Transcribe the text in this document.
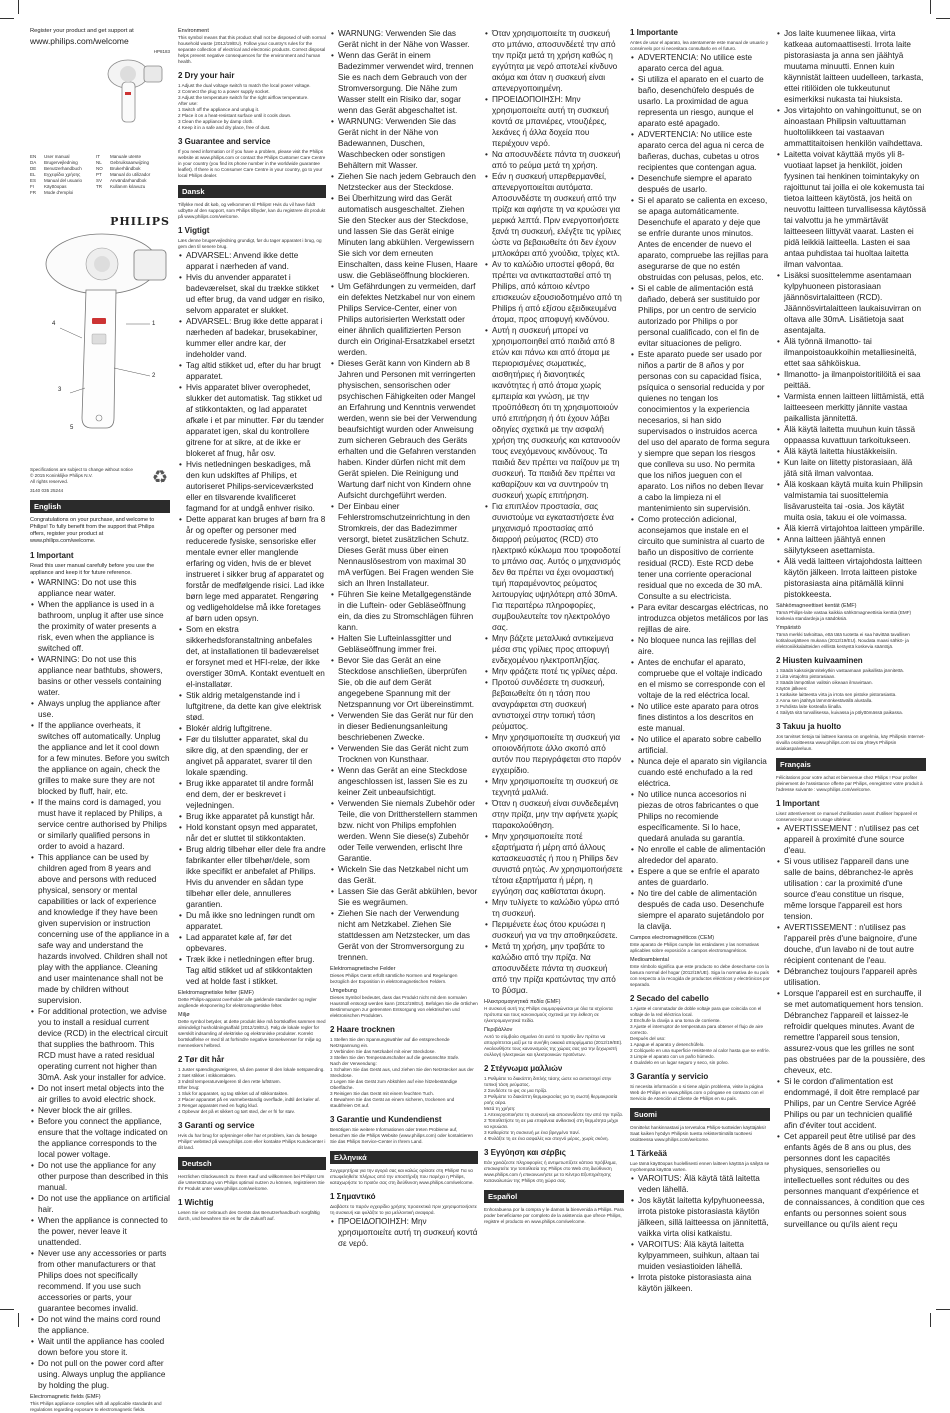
Register your product and get support at
www.philips.com/welcome
HP8183
EN	User manual	IT	Manuale utente
DA	Brugervejledning	NL	Gebruiksaanwijzing
DE	Benutzerhandbuch	NO	Brukerhåndbok
EL	Εγχειρίδιο χρήσης	PT	Manual do utilizador
ES	Manual del usuario	SV	Användarhandbok
FI	Käyttöopas	TR	Kullanım kılavuzu
FR	Mode d'emploi
PHILIPS
1
2
3
4
5
Specifications are subject to change without notice
© 2015 Koninklijke Philips N.V.
All rights reserved.
3140 035 25244
♻
English
Congratulations on your purchase, and welcome to Philips! To fully benefit from the support that Philips offers, register your product at www.philips.com/welcome.
1 Important
Read this user manual carefully before you use the appliance and keep it for future reference.
• WARNING: Do not use this appliance near water.
• When the appliance is used in a bathroom, unplug it after use since the proximity of water presents a risk, even when the appliance is switched off.
• WARNING: Do not use this appliance near bathtubs, showers, basins or other vessels containing water.
• Always unplug the appliance after use.
• If the appliance overheats, it switches off automatically. Unplug the appliance and let it cool down for a few minutes. Before you switch the appliance on again, check the grilles to make sure they are not blocked by fluff, hair, etc.
• If the mains cord is damaged, you must have it replaced by Philips, a service centre authorised by Philips or similarly qualified persons in order to avoid a hazard.
• This appliance can be used by children aged from 8 years and above and persons with reduced physical, sensory or mental capabilities or lack of experience and knowledge if they have been given supervision or instruction concerning use of the appliance in a safe way and understand the hazards involved. Children shall not play with the appliance. Cleaning and user maintenance shall not be made by children without supervision.
• For additional protection, we advise you to install a residual current device (RCD) in the electrical circuit that supplies the bathroom. This RCD must have a rated residual operating current not higher than 30mA. Ask your installer for advice.
• Do not insert metal objects into the air grilles to avoid electric shock.
• Never block the air grilles.
• Before you connect the appliance, ensure that the voltage indicated on the appliance corresponds to the local power voltage.
• Do not use the appliance for any other purpose than described in this manual.
• Do not use the appliance on artificial hair.
• When the appliance is connected to the power, never leave it unattended.
• Never use any accessories or parts from other manufacturers or that Philips does not specifically recommend. If you use such accessories or parts, your guarantee becomes invalid.
• Do not wind the mains cord round the appliance.
• Wait until the appliance has cooled down before you store it.
• Do not pull on the power cord after using. Always unplug the appliance by holding the plug.
Electromagnetic fields (EMF)
This Philips appliance complies with all applicable standards and regulations regarding exposure to electromagnetic fields.
Environment
This symbol means that this product shall not be disposed of with normal household waste (2012/19/EU). Follow your country's rules for the separate collection of electrical and electronic products. Correct disposal helps prevent negative consequences for the environment and human health.
2 Dry your hair
1 Adjust the dual voltage switch to match the local power voltage.
2 Connect the plug to a power supply socket.
3 Adjust the temperature switch for the right airflow temperature.
After use:
1 Switch off the appliance and unplug it.
2 Place it on a heat-resistant surface until it cools down.
3 Clean the appliance by damp cloth.
4 Keep it in a safe and dry place, free of dust.
3 Guarantee and service
If you need information or if you have a problem, please visit the Philips website at www.philips.com or contact the Philips Customer Care Centre in your country (you find its phone number in the worldwide guarantee leaflet). If there is no Consumer Care Centre in your country, go to your local Philips dealer.
Dansk
Tillykke med dit køb, og velkommen til Philips! Hvis du vil have fuldt udbytte af den support, som Philips tilbyder, kan du registrere dit produkt på www.philips.com/welcome.
1 Vigtigt
Læs denne brugervejledning grundigt, før du tager apparatet i brug, og gem den til senere brug.
• ADVARSEL: Anvend ikke dette apparat i nærheden af vand.
• Hvis du anvender apparatet i badeværelset, skal du trække stikket ud efter brug, da vand udgør en risiko, selvom apparatet er slukket.
• ADVARSEL: Brug ikke dette apparat i nærheden af badekar, brusekabiner, kummer eller andre kar, der indeholder vand.
• Tag altid stikket ud, efter du har brugt apparatet.
• Hvis apparatet bliver overophedet, slukker det automatisk. Tag stikket ud af stikkontakten, og lad apparatet afkøle i et par minutter. Før du tænder apparatet igen, skal du kontrollere gitrene for at sikre, at de ikke er blokeret af fnug, hår osv.
• Hvis netledningen beskadiges, må den kun udskiftes af Philips, et autoriseret Philips-serviceværksted eller en tilsvarende kvalificeret fagmand for at undgå enhver risiko.
• Dette apparat kan bruges af børn fra 8 år og opefter og personer med reducerede fysiske, sensoriske eller mentale evner eller manglende erfaring og viden, hvis de er blevet instrueret i sikker brug af apparatet og forstår de medfølgende risici. Lad ikke børn lege med apparatet. Rengøring og vedligeholdelse må ikke foretages af børn uden opsyn.
• Som en ekstra sikkerhedsforanstaltning anbefales det, at installationen til badeværelset er forsynet med et HFI-relæ, der ikke overstiger 30mA. Kontakt eventuelt en el-installatør.
• Stik aldrig metalgenstande ind i luftgitrene, da dette kan give elektrisk stød.
• Blokér aldrig luftgitrene.
• Før du tilslutter apparatet, skal du sikre dig, at den spænding, der er angivet på apparatet, svarer til den lokale spænding.
• Brug ikke apparatet til andre formål end dem, der er beskrevet i vejledningen.
• Brug ikke apparatet på kunstigt hår.
• Hold konstant opsyn med apparatet, når det er sluttet til stikkontakten.
• Brug aldrig tilbehør eller dele fra andre fabrikanter eller tilbehør/dele, som ikke specifikt er anbefalet af Philips. Hvis du anvender en sådan type tilbehør eller dele, annulleres garantien.
• Du må ikke sno ledningen rundt om apparatet.
• Lad apparatet køle af, før det opbevares.
• Træk ikke i netledningen efter brug. Tag altid stikket ud af stikkontakten ved at holde fast i stikket.
Elektromagnetiske felter (EMF)
Dette Philips-apparat overholder alle gældende standarder og regler angående eksponering for elektromagnetiske felter.
Miljø
Dette symbol betyder, at dette produkt ikke må bortskaffes sammen med almindeligt husholdningsaffald (2012/19/EU). Følg de lokale regler for særskilt indsamling af elektriske og elektroniske produkter. Korrekt bortskaffelse er med til at forhindre negative konsekvenser for miljø og menneskers helbred.
2 Tør dit hår
1 Juster spændingsvælgeren, så den passer til den lokale netspænding.
2 Sæt stikket i stikkontakten.
3 Indstil temperaturvælgeren til den rette luftstrøm.
Efter brug:
1 Sluk for apparatet, og tag stikket ud af stikkontakten.
2 Placer apparatet på en varmebestandig overflade, indtil det køler af.
3 Rengør apparatet med en fugtig klud.
4 Opbevar det på et sikkert og tørt sted, der er fri for støv.
3 Garanti og service
Hvis du har brug for oplysninger eller har et problem, kan du besøge Philips' websted på www.philips.com eller kontakte Philips Kundecenter i dit land.
Deutsch
Herzlichen Glückwunsch zu Ihrem Kauf und willkommen bei Philips! Um die Unterstützung von Philips optimal nutzen zu können, registrieren Sie Ihr Produkt unter www.philips.com/welcome.
1 Wichtig
Lesen Sie vor Gebrauch des Geräts das Benutzerhandbuch sorgfältig durch, und bewahren Sie es für die Zukunft auf.
• WARNUNG: Verwenden Sie das Gerät nicht in der Nähe von Wasser.
• Wenn das Gerät in einem Badezimmer verwendet wird, trennen Sie es nach dem Gebrauch von der Stromversorgung. Die Nähe zum Wasser stellt ein Risiko dar, sogar wenn das Gerät abgeschaltet ist.
• WARNUNG: Verwenden Sie das Gerät nicht in der Nähe von Badewannen, Duschen, Waschbecken oder sonstigen Behältern mit Wasser.
• Ziehen Sie nach jedem Gebrauch den Netzstecker aus der Steckdose.
• Bei Überhitzung wird das Gerät automatisch ausgeschaltet. Ziehen Sie den Stecker aus der Steckdose, und lassen Sie das Gerät einige Minuten lang abkühlen. Vergewissern Sie sich vor dem erneuten Einschalten, dass keine Flusen, Haare usw. die Gebläseöffnung blockieren.
• Um Gefährdungen zu vermeiden, darf ein defektes Netzkabel nur von einem Philips Service-Center, einer von Philips autorisierten Werkstatt oder einer ähnlich qualifizierten Person durch ein Original-Ersatzkabel ersetzt werden.
• Dieses Gerät kann von Kindern ab 8 Jahren und Personen mit verringerten physischen, sensorischen oder psychischen Fähigkeiten oder Mangel an Erfahrung und Kenntnis verwendet werden, wenn sie bei der Verwendung beaufsichtigt wurden oder Anweisung zum sicheren Gebrauch des Geräts erhalten und die Gefahren verstanden haben. Kinder dürfen nicht mit dem Gerät spielen. Die Reinigung und Wartung darf nicht von Kindern ohne Aufsicht durchgeführt werden.
• Der Einbau einer Fehlerstromschutzeinrichtung in den Stromkreis, der das Badezimmer versorgt, bietet zusätzlichen Schutz. Dieses Gerät muss über einen Nennauslösestrom von maximal 30 mA verfügen. Bei Fragen wenden Sie sich an Ihren Installateur.
• Führen Sie keine Metallgegenstände in die Luftein- oder Gebläseöffnung ein, da dies zu Stromschlägen führen kann.
• Halten Sie Lufteinlassgitter und Gebläseöffnung immer frei.
• Bevor Sie das Gerät an eine Steckdose anschließen, überprüfen Sie, ob die auf dem Gerät angegebene Spannung mit der Netzspannung vor Ort übereinstimmt.
• Verwenden Sie das Gerät nur für den in dieser Bedienungsanleitung beschriebenen Zwecke.
• Verwenden Sie das Gerät nicht zum Trocknen von Kunsthaar.
• Wenn das Gerät an eine Steckdose angeschlossen ist, lassen Sie es zu keiner Zeit unbeaufsichtigt.
• Verwenden Sie niemals Zubehör oder Teile, die von Drittherstellern stammen bzw. nicht von Philips empfohlen werden. Wenn Sie diese(s) Zubehör oder Teile verwenden, erlischt Ihre Garantie.
• Wickeln Sie das Netzkabel nicht um das Gerät.
• Lassen Sie das Gerät abkühlen, bevor Sie es wegräumen.
• Ziehen Sie nach der Verwendung nicht am Netzkabel. Ziehen Sie stattdessen am Netzstecker, um das Gerät von der Stromversorgung zu trennen.
Elektromagnetische Felder
Dieses Philips Gerät erfüllt sämtliche Normen und Regelungen bezüglich der Exposition in elektromagnetischen Feldern.
Umgebung
Dieses Symbol bedeutet, dass das Produkt nicht mit dem normalen Hausmüll entsorgt werden kann (2012/19/EU). Befolgen Sie die örtlichen Bestimmungen zur getrennten Entsorgung von elektrischen und elektronischen Produkten.
2 Haare trocknen
1 Stellen Sie den Spannungswähler auf die entsprechende Netzspannung ein.
2 Verbinden Sie das Netzkabel mit einer Steckdose.
3 Stellen Sie den Temperaturschalter auf die gewünschte Stufe.
Nach der Verwendung:
1 Schalten Sie das Gerät aus, und ziehen Sie den Netzstecker aus der Steckdose.
2 Legen Sie das Gerät zum Abkühlen auf eine hitzebeständige Oberfläche.
3 Reinigen Sie das Gerät mit einem feuchten Tuch.
4 Bewahren Sie das Gerät an einem sicheren, trockenen und staubfreien Ort auf.
3 Garantie und Kundendienst
Benötigen Sie weitere Informationen oder treten Probleme auf, besuchen Sie die Philips Website (www.philips.com) oder kontaktieren Sie das Philips Service-Center in Ihrem Land.
Ελληνικά
Συγχαρητήρια για την αγορά σας και καλώς ορίσατε στη Philips! Για να επωφεληθείτε πλήρως από την υποστήριξη που παρέχει η Philips, καταχωρήστε το προϊόν σας στη διεύθυνση www.philips.com/welcome.
1 Σημαντικό
Διαβάστε το παρόν εγχειρίδιο χρήσης προσεκτικά πριν χρησιμοποιήσετε τη συσκευή και φυλάξτε το για μελλοντική αναφορά.
• ΠΡΟΕΙΔΟΠΟΙΗΣΗ: Μην χρησιμοποιείτε αυτή τη συσκευή κοντά σε νερό.
• Όταν χρησιμοποιείτε τη συσκευή στο μπάνιο, αποσυνδέετέ την από την πρίζα μετά τη χρήση καθώς η εγγύτητα με νερό αποτελεί κίνδυνο ακόμα και όταν η συσκευή είναι απενεργοποιημένη.
• ΠΡΟΕΙΔΟΠΟΙΗΣΗ: Μην χρησιμοποιείτε αυτή τη συσκευή κοντά σε μπανιέρες, ντουζιέρες, λεκάνες ή άλλα δοχεία που περιέχουν νερό.
• Να αποσυνδέετε πάντα τη συσκευή από το ρεύμα μετά τη χρήση.
• Εάν η συσκευή υπερθερμανθεί, απενεργοποιείται αυτόματα. Αποσυνδέστε τη συσκευή από την πρίζα και αφήστε τη να κρυώσει για μερικά λεπτά. Πριν ενεργοποιήσετε ξανά τη συσκευή, ελέγξτε τις γρίλιες ώστε να βεβαιωθείτε ότι δεν έχουν μπλοκάρει από χνούδια, τρίχες κτλ.
• Αν το καλώδιο υποστεί φθορά, θα πρέπει να αντικατασταθεί από τη Philips, από κάποιο κέντρο επισκευών εξουσιοδοτημένο από τη Philips ή από εξίσου εξειδικευμένα άτομα, προς αποφυγή κινδύνου.
• Αυτή η συσκευή μπορεί να χρησιμοποιηθεί από παιδιά από 8 ετών και πάνω και από άτομα με περιορισμένες σωματικές, αισθητήριες ή διανοητικές ικανότητες ή από άτομα χωρίς εμπειρία και γνώση, με την προϋπόθεση ότι τη χρησιμοποιούν υπό επιτήρηση ή ότι έχουν λάβει οδηγίες σχετικά με την ασφαλή χρήση της συσκευής και κατανοούν τους ενεχόμενους κινδύνους. Τα παιδιά δεν πρέπει να παίζουν με τη συσκευή. Τα παιδιά δεν πρέπει να καθαρίζουν και να συντηρούν τη συσκευή χωρίς επιτήρηση.
• Για επιπλέον προστασία, σας συνιστούμε να εγκαταστήσετε ένα μηχανισμό προστασίας από διαρροή ρεύματος (RCD) στο ηλεκτρικό κύκλωμα που τροφοδοτεί το μπάνιο σας. Αυτός ο μηχανισμός δεν θα πρέπει να έχει ονομαστική τιμή παραμένοντος ρεύματος λειτουργίας υψηλότερη από 30mA. Για περαιτέρω πληροφορίες, συμβουλευτείτε τον ηλεκτρολόγο σας.
• Μην βάζετε μεταλλικά αντικείμενα μέσα στις γρίλιες προς αποφυγή ενδεχομένου ηλεκτροπληξίας.
• Μην φράζετε ποτέ τις γρίλιες αέρα.
• Προτού συνδέσετε τη συσκευή, βεβαιωθείτε ότι η τάση που αναγράφεται στη συσκευή αντιστοιχεί στην τοπική τάση ρεύματος.
• Μην χρησιμοποιείτε τη συσκευή για οποιονδήποτε άλλο σκοπό από αυτόν που περιγράφεται στο παρόν εγχειρίδιο.
• Μην χρησιμοποιείτε τη συσκευή σε τεχνητά μαλλιά.
• Όταν η συσκευή είναι συνδεδεμένη στην πρίζα, μην την αφήνετε χωρίς παρακολούθηση.
• Μην χρησιμοποιείτε ποτέ εξαρτήματα ή μέρη από άλλους κατασκευαστές ή που η Philips δεν συνιστά ρητώς. Αν χρησιμοποιήσετε τέτοια εξαρτήματα ή μέρη, η εγγύηση σας καθίσταται άκυρη.
• Μην τυλίγετε το καλώδιο γύρω από τη συσκευή.
• Περιμένετε έως ότου κρυώσει η συσκευή για να την αποθηκεύσετε.
• Μετά τη χρήση, μην τραβάτε το καλώδιο από την πρίζα. Να αποσυνδέετε πάντα τη συσκευή από την πρίζα κρατώντας την από το βύσμα.
Ηλεκτρομαγνητικά πεδία (EMF)
Η συσκευή αυτή της Philips συμμορφώνεται με όλα τα ισχύοντα πρότυπα και τους κανονισμούς σχετικά με την έκθεση σε ηλεκτρομαγνητικά πεδία.
Περιβάλλον
Αυτό το σύμβολο σημαίνει ότι αυτό το προϊόν δεν πρέπει να απορρίπτεται μαζί με τα συνήθη οικιακά απορρίμματα (2012/19/ΕΕ). Ακολουθήστε τους κανονισμούς της χώρας σας για την ξεχωριστή συλλογή ηλεκτρικών και ηλεκτρονικών προϊόντων.
2 Στέγνωμα μαλλιών
1 Ρυθμίστε το διακόπτη διπλής τάσης ώστε να αντιστοιχεί στην τοπική τάση ρεύματος.
2 Συνδέστε το φις σε μια πρίζα.
3 Ρυθμίστε το διακόπτη θερμοκρασίας για τη σωστή θερμοκρασία ροής αέρα.
Μετά τη χρήση:
1 Απενεργοποιήστε τη συσκευή και αποσυνδέστε την από την πρίζα.
2 Τοποθετήστε τη σε μια επιφάνεια ανθεκτική στη θερμότητα μέχρι να κρυώσει.
3 Καθαρίστε τη συσκευή με ένα βρεγμένο πανί.
4 Φυλάξτε τη σε ένα ασφαλές και στεγνό μέρος, χωρίς σκόνη.
3 Εγγύηση και σέρβις
Εάν χρειάζεστε πληροφορίες ή αντιμετωπίζετε κάποιο πρόβλημα, επισκεφτείτε την τοποθεσία της Philips στο Web στη διεύθυνση www.philips.com ή επικοινωνήστε με το Κέντρο Εξυπηρέτησης Καταναλωτών της Philips στη χώρα σας.
Español
Enhorabuena por la compra y le damos la bienvenida a Philips. Para poder beneficiarse por completo de la asistencia que ofrece Philips, registre el producto en www.philips.com/welcome.
1 Importante
Antes de usar el aparato, lea atentamente este manual de usuario y consérvelo por si necesitara consultarlo en el futuro.
• ADVERTENCIA: No utilice este aparato cerca del agua.
• Si utiliza el aparato en el cuarto de baño, desenchúfelo después de usarlo. La proximidad de agua representa un riesgo, aunque el aparato esté apagado.
• ADVERTENCIA: No utilice este aparato cerca del agua ni cerca de bañeras, duchas, cubetas u otros recipientes que contengan agua.
• Desenchufe siempre el aparato después de usarlo.
• Si el aparato se calienta en exceso, se apaga automáticamente. Desenchufe el aparato y deje que se enfríe durante unos minutos. Antes de encender de nuevo el aparato, compruebe las rejillas para asegurarse de que no estén obstruidas con pelusas, pelos, etc.
• Si el cable de alimentación está dañado, deberá ser sustituido por Philips, por un centro de servicio autorizado por Philips o por personal cualificado, con el fin de evitar situaciones de peligro.
• Este aparato puede ser usado por niños a partir de 8 años y por personas con su capacidad física, psíquica o sensorial reducida y por quienes no tengan los conocimientos y la experiencia necesarios, si han sido supervisados o instruidos acerca del uso del aparato de forma segura y siempre que sepan los riesgos que conlleva su uso. No permita que los niños jueguen con el aparato. Los niños no deben llevar a cabo la limpieza ni el mantenimiento sin supervisión.
• Como protección adicional, aconsejamos que instale en el circuito que suministra al cuarto de baño un dispositivo de corriente residual (RCD). Este RCD debe tener una corriente operacional residual que no exceda de 30 mA. Consulte a su electricista.
• Para evitar descargas eléctricas, no introduzca objetos metálicos por las rejillas de aire.
• No bloquee nunca las rejillas del aire.
• Antes de enchufar el aparato, compruebe que el voltaje indicado en el mismo se corresponde con el voltaje de la red eléctrica local.
• No utilice este aparato para otros fines distintos a los descritos en este manual.
• No utilice el aparato sobre cabello artificial.
• Nunca deje el aparato sin vigilancia cuando esté enchufado a la red eléctrica.
• No utilice nunca accesorios ni piezas de otros fabricantes o que Philips no recomiende específicamente. Si lo hace, quedará anulada su garantía.
• No enrolle el cable de alimentación alrededor del aparato.
• Espere a que se enfríe el aparato antes de guardarlo.
• No tire del cable de alimentación después de cada uso. Desenchufe siempre el aparato sujetándolo por la clavija.
Campos electromagnéticos (CEM)
Este aparato de Philips cumple los estándares y las normativas aplicables sobre exposición a campos electromagnéticos.
Medioambiental
Este símbolo significa que este producto no debe desecharse con la basura normal del hogar (2012/19/UE). Siga la normativa de su país con respecto a la recogida de productos eléctricos y electrónicos por separado.
2 Secado del cabello
1 Ajuste el conmutador de doble voltaje para que coincida con el voltaje de la red eléctrica local.
2 Enchufe la clavija a una toma de corriente.
3 Ajuste el interruptor de temperatura para obtener el flujo de aire correcto.
Después del uso:
1 Apague el aparato y desenchúfelo.
2 Colóquelo en una superficie resistente al calor hasta que se enfríe.
3 Limpie el aparato con un paño húmedo.
4 Guárdelo en un lugar seguro y seco, sin polvo.
3 Garantía y servicio
Si necesita información o si tiene algún problema, visite la página Web de Philips en www.philips.com o póngase en contacto con el Servicio de Atención al Cliente de Philips en su país.
Suomi
Onnittelut hankinnastasi ja tervetuloa Philips-tuotteiden käyttäjäksi! Saat kaiken hyödyn Philipsin tuesta rekisteröimällä tuotteesi osoitteessa www.philips.com/welcome.
1 Tärkeää
Lue tämä käyttöopas huolellisesti ennen laitteen käyttöä ja säilytä se myöhempää käyttöä varten.
• VAROITUS: Älä käytä tätä laitetta veden lähellä.
• Jos käytät laitetta kylpyhuoneessa, irrota pistoke pistorasiasta käytön jälkeen, sillä laitteessa on jännitettä, vaikka virta olisi katkaistu.
• VAROITUS: Älä käytä laitetta kylpyammeen, suihkun, altaan tai muiden vesiastioiden lähellä.
• Irrota pistoke pistorasiasta aina käytön jälkeen.
• Jos laite kuumenee liikaa, virta katkeaa automaattisesti. Irrota laite pistorasiasta ja anna sen jäähtyä muutama minuutti. Ennen kuin käynnistät laitteen uudelleen, tarkasta, ettei ritilöiden ole tukkeutunut esimerkiksi nukasta tai hiuksista.
• Jos virtajohto on vahingoittunut, se on ainoastaan Philipsin valtuuttaman huoltoliikkeen tai vastaavan ammattitaitoisen henkilön vaihdettava.
• Laitetta voivat käyttää myös yli 8-vuotiaat lapset ja henkilöt, joiden fyysinen tai henkinen toimintakyky on rajoittunut tai joilla ei ole kokemusta tai tietoa laitteen käytöstä, jos heitä on neuvottu laitteen turvallisessa käytössä tai valvottu ja he ymmärtävät laitteeseen liittyvät vaarat. Lasten ei pidä leikkiä laitteella. Lasten ei saa antaa puhdistaa tai huoltaa laitetta ilman valvontaa.
• Lisäksi suosittelemme asentamaan kylpyhuoneen pistorasiaan jäännösvirtalaitteen (RCD). Jäännösvirtalaitteen laukaisuvirran on oltava alle 30mA. Lisätietoja saat asentajalta.
• Älä työnnä ilmanotto- tai ilmanpoistoaukkoihin metalliesineitä, ettet saa sähköiskua.
• Ilmanotto- ja ilmanpoistoritilöitä ei saa peittää.
• Varmista ennen laitteen liittämistä, että laitteeseen merkitty jännite vastaa paikallista jännitettä.
• Älä käytä laitetta muuhun kuin tässä oppaassa kuvattuun tarkoitukseen.
• Älä käytä laitetta hiustäkkeisiin.
• Kun laite on liitetty pistorasiaan, älä jätä sitä ilman valvontaa.
• Älä koskaan käytä muita kuin Philipsin valmistamia tai suosittelemia lisävarusteita tai -osia. Jos käytät muita osia, takuu ei ole voimassa.
• Älä kierrä virtajohtoa laitteen ympärille.
• Anna laitteen jäähtyä ennen säilytykseen asettamista.
• Älä vedä laitteen virtajohdosta laitteen käytön jälkeen. Irrota laitteen pistoke pistorasiasta aina pitämällä kiinni pistokkeesta.
Sähkömagneettiset kentät (EMF)
Tämä Philips-laite vastaa kaikkia sähkömagneettisia kenttiä (EMF) koskevia standardeja ja säädöksiä.
Ympäristö
Tämä merkki tarkoittaa, että tätä tuotetta ei saa hävittää tavallisen kotitalousjätteen mukana (2012/19/EU). Noudata maasi sähkö- ja elektroniikkalaitteiden erillistä keräystä koskevia sääntöjä.
2 Hiusten kuivaaminen
1 Säädä kaksoisjännitekytkin vastaamaan paikallista jännitettä.
2 Liitä virtajohto pistorasiaan.
3 Säädä lämpötilan valitsin oikeaan ilmavirtaan.
Käytön jälkeen:
1 Katkaise laitteesta virta ja irrota sen pistoke pistorasiasta.
2 Anna sen jäähtyä lämmönkestävällä alustalla.
3 Puhdista laite kostealla liinalla.
4 Säilytä sitä turvallisessa, kuivassa ja pölyttömässä paikassa.
3 Takuu ja huolto
Jos tarvitset tietoja tai laitteen kanssa on ongelmia, käy Philipsin Internet-sivuilla osoitteessa www.philips.com tai ota yhteys Philipsin asiakaspalveluun.
Français
Félicitations pour votre achat et bienvenue chez Philips ! Pour profiter pleinement de l'assistance offerte par Philips, enregistrez votre produit à l'adresse suivante : www.philips.com/welcome.
1 Important
Lisez attentivement ce manuel d'utilisation avant d'utiliser l'appareil et conservez-le pour un usage ultérieur.
• AVERTISSEMENT : n'utilisez pas cet appareil à proximité d'une source d'eau.
• Si vous utilisez l'appareil dans une salle de bains, débranchez-le après utilisation : car la proximité d'une source d'eau constitue un risque, même lorsque l'appareil est hors tension.
• AVERTISSEMENT : n'utilisez pas l'appareil près d'une baignoire, d'une douche, d'un lavabo ni de tout autre récipient contenant de l'eau.
• Débranchez toujours l'appareil après utilisation.
• Lorsque l'appareil est en surchauffe, il se met automatiquement hors tension. Débranchez l'appareil et laissez-le refroidir quelques minutes. Avant de remettre l'appareil sous tension, assurez-vous que les grilles ne sont pas obstruées par de la poussière, des cheveux, etc.
• Si le cordon d'alimentation est endommagé, il doit être remplacé par Philips, par un Centre Service Agréé Philips ou par un technicien qualifié afin d'éviter tout accident.
• Cet appareil peut être utilisé par des enfants âgés de 8 ans ou plus, des personnes dont les capacités physiques, sensorielles ou intellectuelles sont réduites ou des personnes manquant d'expérience et de connaissances, à condition que ces enfants ou personnes soient sous surveillance ou qu'ils aient reçu
